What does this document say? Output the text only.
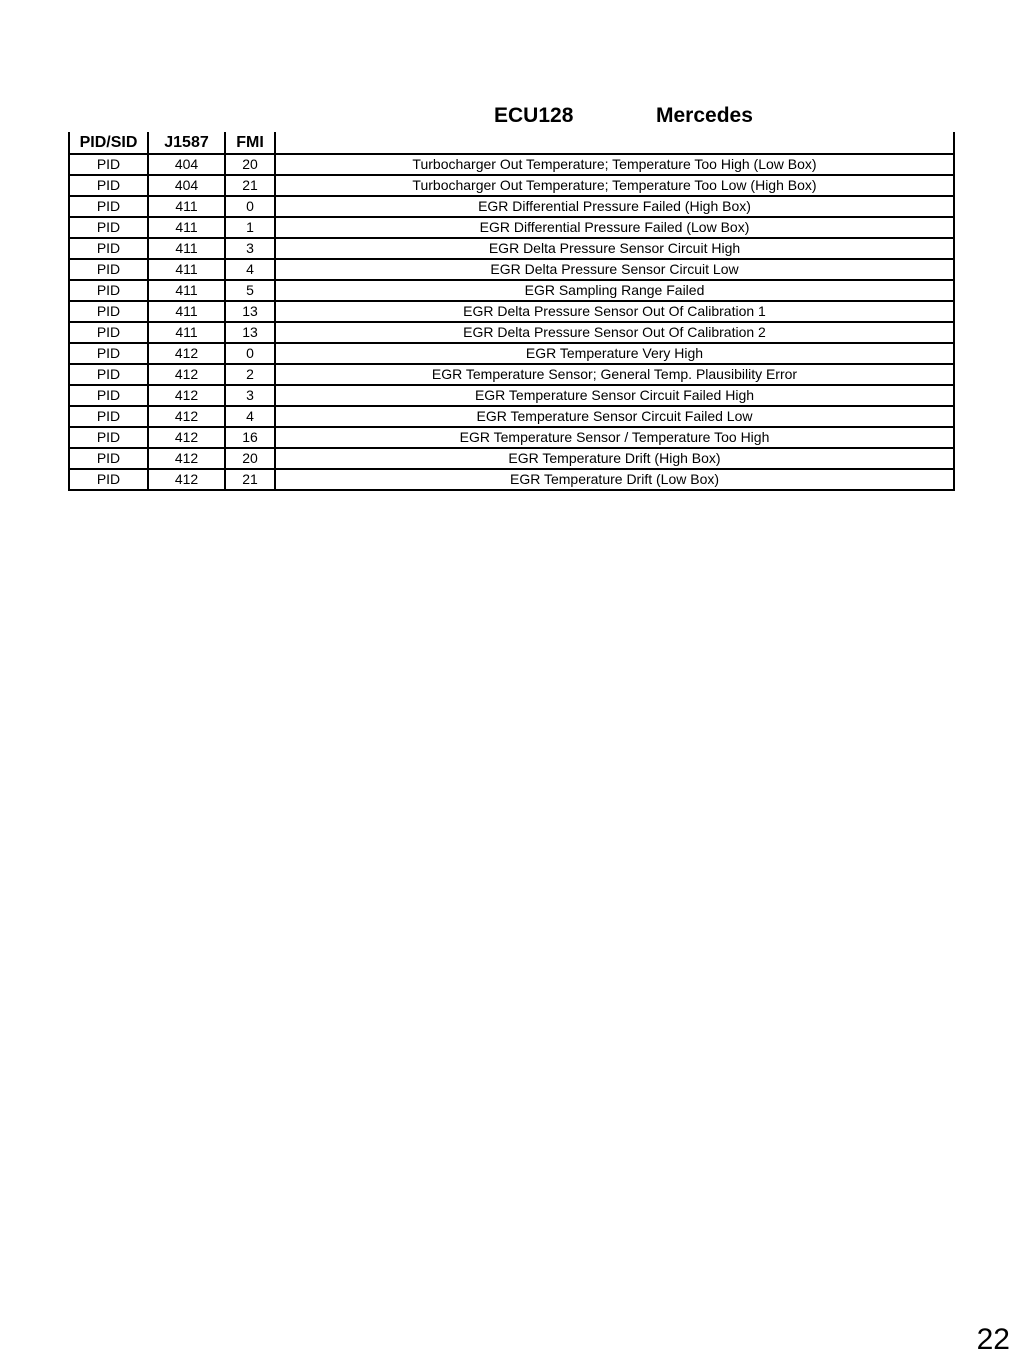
ECU128	Mercedes
PID/SID	J1587	FMI	
PID	404	20	Turbocharger Out Temperature; Temperature Too High (Low Box)
PID	404	21	Turbocharger Out Temperature; Temperature Too Low (High Box)
PID	411	0	EGR Differential Pressure Failed (High Box)
PID	411	1	EGR Differential Pressure Failed (Low Box)
PID	411	3	EGR Delta Pressure Sensor Circuit High
PID	411	4	EGR Delta Pressure Sensor Circuit Low
PID	411	5	EGR Sampling Range Failed
PID	411	13	EGR Delta Pressure Sensor Out Of Calibration 1
PID	411	13	EGR Delta Pressure Sensor Out Of Calibration 2
PID	412	0	EGR Temperature Very High
PID	412	2	EGR Temperature Sensor; General Temp. Plausibility Error
PID	412	3	EGR Temperature Sensor Circuit Failed High
PID	412	4	EGR Temperature Sensor Circuit Failed Low
PID	412	16	EGR Temperature Sensor / Temperature Too High
PID	412	20	EGR Temperature Drift (High Box)
PID	412	21	EGR Temperature Drift (Low Box)
22
